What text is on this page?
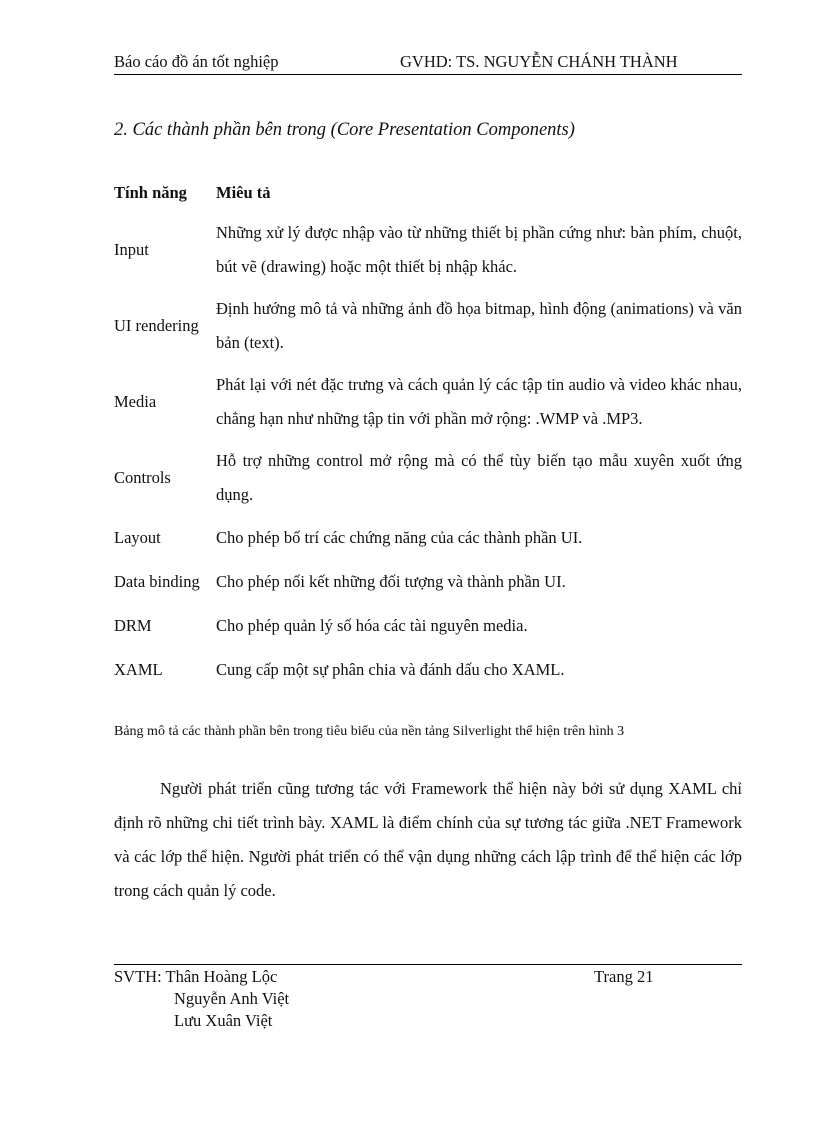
Báo cáo đồ án tốt nghiệp	GVHD: TS. NGUYỄN CHÁNH THÀNH
2. Các thành phần bên trong (Core Presentation Components)
Tính năng	Miêu tả
Input	Những xử lý được nhập vào từ những thiết bị phần cứng như: bàn phím, chuột, bút vẽ (drawing) hoặc một thiết bị nhập khác.
UI rendering	Định hướng mô tả và những ảnh đồ họa bitmap, hình động (animations) và văn bản (text).
Media	Phát lại với nét đặc trưng và cách quản lý các tập tin audio và video khác nhau, chẳng hạn như những tập tin với phần mở rộng: .WMP và .MP3.
Controls	Hỗ trợ những control mở rộng mà có thể tùy biến tạo mẫu xuyên xuốt ứng dụng.
Layout	Cho phép bố trí các chứng năng của các thành phần UI.
Data binding	Cho phép nối kết những đối tượng và thành phần UI.
DRM	Cho phép quản lý số hóa các tài nguyên media.
XAML	Cung cấp một sự phân chia và đánh dấu cho XAML.
Bảng mô tả các thành phần bên trong tiêu biểu của nền tảng Silverlight thể hiện trên hình 3

Người phát triển cũng tương tác với Framework thể hiện này bởi sử dụng XAML chỉ định rõ những chi tiết trình bày. XAML là điểm chính của sự tương tác giữa .NET Framework và các lớp thể hiện. Người phát triển có thể vận dụng những cách lập trình để thể hiện các lớp trong cách quản lý code.

SVTH: Thân Hoàng Lộc
Nguyễn Anh Việt
Lưu Xuân Việt
Trang 21
